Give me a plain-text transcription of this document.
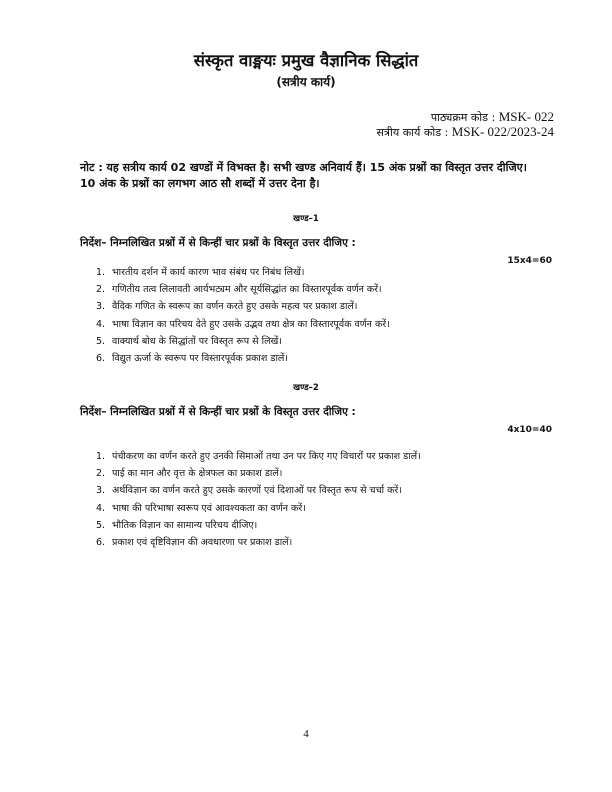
संस्कृत वाङ्मयः प्रमुख वैज्ञानिक सिद्धांत
(सत्रीय कार्य)
पाठ्यक्रम कोड : MSK- 022
सत्रीय कार्य कोड : MSK- 022/2023-24
नोट : यह सत्रीय कार्य 02 खण्डों में विभक्त है। सभी खण्ड अनिवार्य हैं। 15 अंक प्रश्नों का विस्तृत उत्तर दीजिए। 10 अंक के प्रश्नों का लगभग आठ सौ शब्दों में उत्तर देना है।
खण्ड–1
निर्देश– निम्नलिखित प्रश्नों में से किन्हीं चार प्रश्नों के विस्तृत उत्तर दीजिए :
15x4=60
1. भारतीय दर्शन में कार्य कारण भाव संबंध पर निबंध लिखें।
2. गणितीय तत्व लिलावती आर्यभट्यम और सूर्यसिद्धांत का विस्तारपूर्वक वर्णन करें।
3. वैदिक गणित के स्वरूप का वर्णन करते हुए उसके महत्व पर प्रकाश डालें।
4. भाषा विज्ञान का परिचय देते हुए उसके उद्भव तथा क्षेत्र का विस्तारपूर्वक वर्णन करें।
5. वाक्यार्थ बोध के सिद्धांतों पर विस्तृत रूप से लिखें।
6. विद्युत ऊर्जा के स्वरूप पर विस्तारपूर्वक प्रकाश डालें।
खण्ड–2
निर्देश– निम्नलिखित प्रश्नों में से किन्हीं चार प्रश्नों के विस्तृत उत्तर दीजिए :
4x10=40
1. पंचीकरण का वर्णन करते हुए उनकी सिमाओं तथा उन पर किए गए विचारों पर प्रकाश डालें।
2. पाई का मान और वृत्त के क्षेत्रफल का प्रकाश डालें।
3. अर्थविज्ञान का वर्णन करते हुए उसके कारणों एवं दिशाओं पर विस्तृत रूप से चर्चा करें।
4. भाषा की परिभाषा स्वरूप एवं आवश्यकता का वर्णन करें।
5. भौतिक विज्ञान का सामान्य परिचय दीजिए।
6. प्रकाश एवं दृष्टिविज्ञान की अवधारणा पर प्रकाश डालें।
4
